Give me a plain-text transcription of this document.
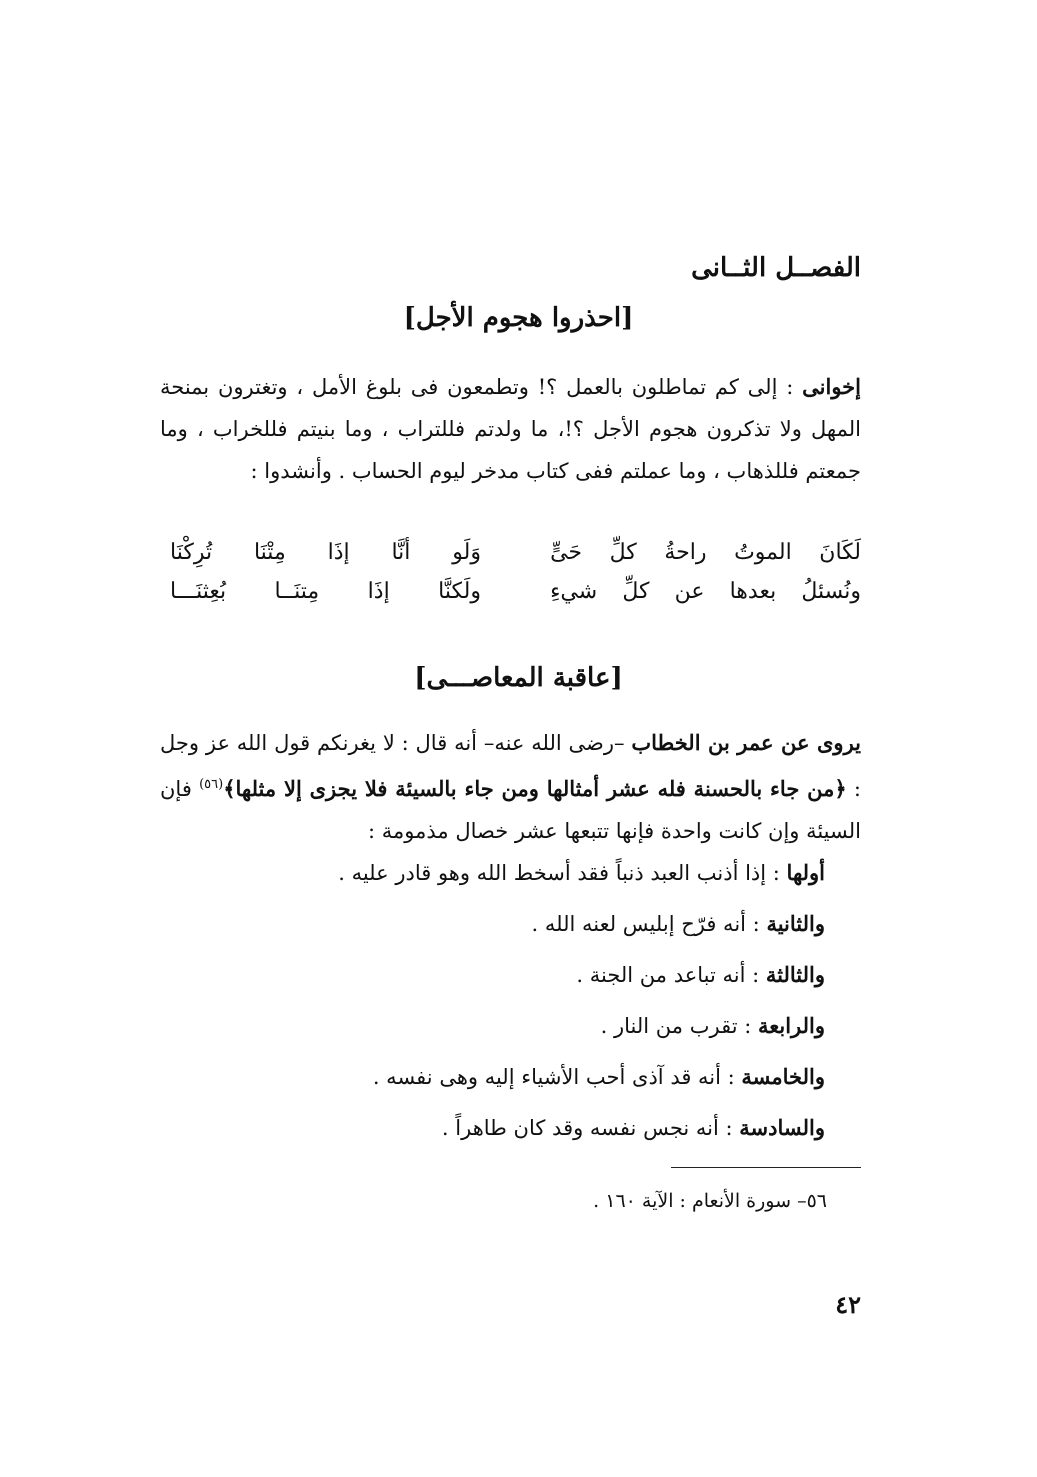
الفصــل الثــانى
[احذروا هجوم الأجل]
إخوانى : إلى كم تماطلون بالعمل ؟! وتطمعون فى بلوغ الأمل ، وتغترون بمنحة المهل ولا تذكرون هجوم الأجل ؟!، ما ولدتم فللتراب ، وما بنيتم فللخراب ، وما جمعتم فللذهاب ، وما عملتم ففى كتاب مدخر ليوم الحساب . وأنشدوا :
لَكَانَ الموتُ راحةُ كلِّ حَىٍّوَلَو أنَّا إذَا مِتْنَا تُرِكْنَا
ونُسئلُ بعدها عن كلِّ شيءِولَكنَّا إذَا مِتنَــا بُعِثنَـــا
[عاقبة المعاصـــى]
يروى عن عمر بن الخطاب –رضى الله عنه– أنه قال : لا يغرنكم قول الله عز وجل : ﴿من جاء بالحسنة فله عشر أمثالها ومن جاء بالسيئة فلا يجزى إلا مثلها﴾$^{(٥٦)}$ فإن السيئة وإن كانت واحدة فإنها تتبعها عشر خصال مذمومة :
أولها : إذا أذنب العبد ذنباً فقد أسخط الله وهو قادر عليه .
والثانية : أنه فرّح إبليس لعنه الله .
والثالثة : أنه تباعد من الجنة .
والرابعة : تقرب من النار .
والخامسة : أنه قد آذى أحب الأشياء إليه وهى نفسه .
والسادسة : أنه نجس نفسه وقد كان طاهراً .
٥٦– سورة الأنعام : الآية ١٦٠ .
٤٢
